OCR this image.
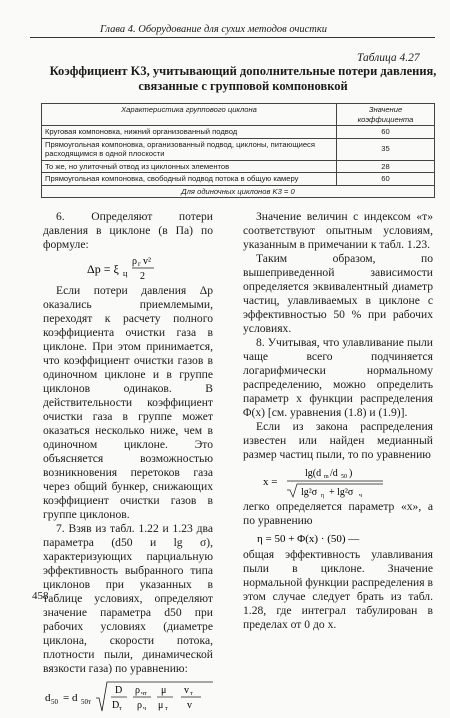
Глава 4. Оборудование для сухих методов очистки
Таблица 4.27
Коэффициент K3, учитывающий дополнительные потери давления, связанные с групповой компоновкой
Характеристика группового циклона	Значение коэффициента
Круговая компоновка, нижний организованный подвод	60
Прямоугольная компоновка, организованный подвод, циклоны, питающиеся расходящимся в одной плоскости	35
То же, но улиточный отвод из циклонных элементов	28
Прямоугольная компоновка, свободный подвод потока в общую камеру	60
Для одиночных циклонов K3 = 0	

6. Определяют потери давления в циклоне (в Па) по формуле:

Δp = ξ ц
ρ г v²
2

Если потери давления Δp оказались приемлемыми, переходят к расчету полного коэффициента очистки газа в циклоне. При этом принимается, что коэффициент очистки газов в одиночном циклоне и в группе циклонов одинаков. В действительности коэффициент очистки газа в группе может оказаться несколько ниже, чем в одиночном циклоне. Это объясняется возможностью возникновения перетоков газа через общий бункер, снижающих коэффициент очистки газов в группе циклонов.

7. Взяв из табл. 1.22 и 1.23 два параметра (d50 и lg σ), характеризующих парциальную эффективность выбранного типа циклонов при указанных в таблице условиях, определяют значение параметра d50 при рабочих условиях (диаметре циклона, скорости потока, плотности пыли, динамической вязкости газа) по уравнению:

d 50 = d 50т
D
D т
ρ чт
ρ ч
μ
μ т
v т
v

Значение величин с индексом «т» соответствуют опытным условиям, указанным в примечании к табл. 1.23.

Таким образом, по вышеприведенной зависимости определяется эквивалентный диаметр частиц, улавливаемых в циклоне с эффективностью 50 % при рабочих условиях.

8. Учитывая, что улавливание пыли чаще всего подчиняется логарифмически нормальному распределению, можно определить параметр x функции распределения Φ(x) [см. уравнения (1.8) и (1.9)].

Если из закона распределения известен или найден медианный размер частиц пыли, то по уравнению

x =
lg(d m /d 50 )
lg²σ η + lg²σ ч

легко определяется параметр «x», а по уравнению

η = 50 + Φ(x) · (50) —

общая эффективность улавливания пыли в циклоне. Значение нормальной функции распределения в этом случае следует брать из табл. 1.28, где интеграл табулирован в пределах от 0 до x.

458
